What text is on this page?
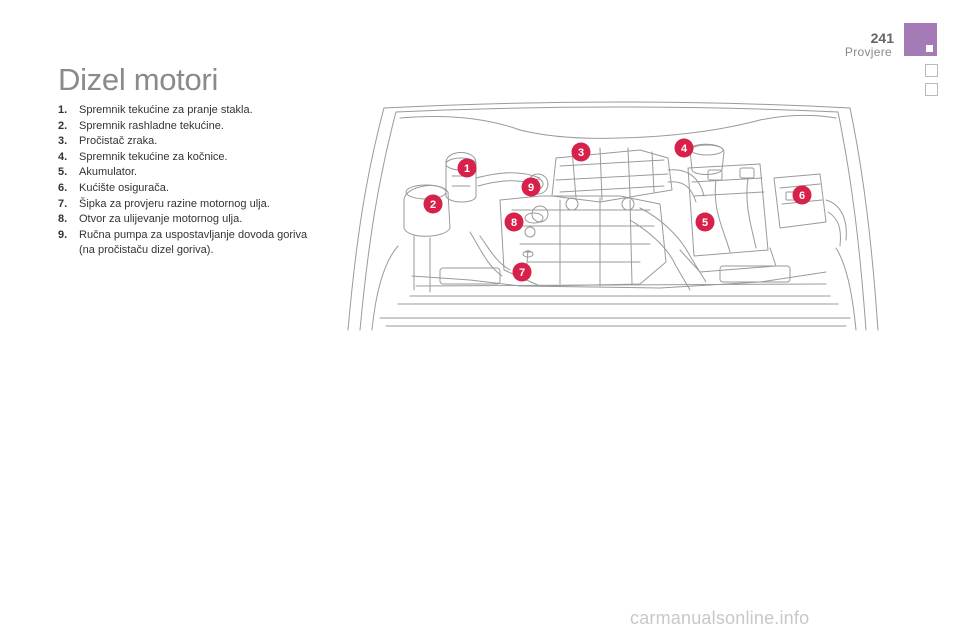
241
Provjere
Dizel motori
1.	Spremnik tekućine za pranje stakla.
2.	Spremnik rashladne tekućine.
3.	Pročistač zraka.
4.	Spremnik tekućine za kočnice.
5.	Akumulator.
6.	Kućište osigurača.
7.	Šipka za provjeru razine motornog ulja.
8.	Otvor za ulijevanje motornog ulja.
9.	Ručna pumpa za uspostavljanje dovoda goriva (na pročistaču dizel goriva).
1
2
3	4
5
6
7
8
9
carmanualsonline.info
